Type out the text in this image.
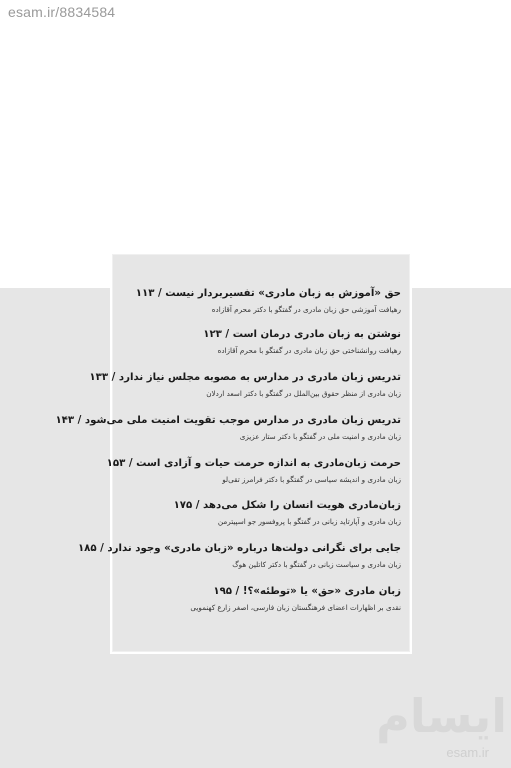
esam.ir/8834584
حق «آموزش به زبان مادری» تفسیربردار نیست / ۱۱۳
رهیافت آموزشی حق زبان مادری در گفتگو با دکتر محرم آقازاده
نوشتن به زبان مادری درمان است / ۱۲۳
رهیافت روانشناختی حق زبان مادری در گفتگو با محرم آقازاده
تدریس زبان مادری در مدارس به مصوبه مجلس نیاز ندارد / ۱۳۳
زبان مادری از منظر حقوق بین‌الملل در گفتگو با دکتر اسعد اردلان
تدریس زبان مادری در مدارس موجب تقویت امنیت ملی می‌شود / ۱۴۳
زبان مادری و امنیت ملی در گفتگو با دکتر ستار عزیزی
حرمت زبان‌مادری به اندازه حرمت حیات و آزادی است / ۱۵۳
زبان مادری و اندیشه سیاسی در گفتگو با دکتر فرامرز تقی‌لو
زبان‌مادری هویت انسان را شکل می‌دهد / ۱۷۵
زبان مادری و آپارتاید زبانی در گفتگو با پروفسور جو اسپیترمن
جایی برای نگرانی دولت‌ها درباره «زبان مادری» وجود ندارد / ۱۸۵
زبان مادری و سیاست زبانی در گفتگو با دکتر کاتلین هوگ
زبان مادری «حق» یا «توطئه»؟! / ۱۹۵
نقدی بر اظهارات اعضای فرهنگستان زبان فارسی، اصغر زارع کهنمویی
ایسام
esam.ir
